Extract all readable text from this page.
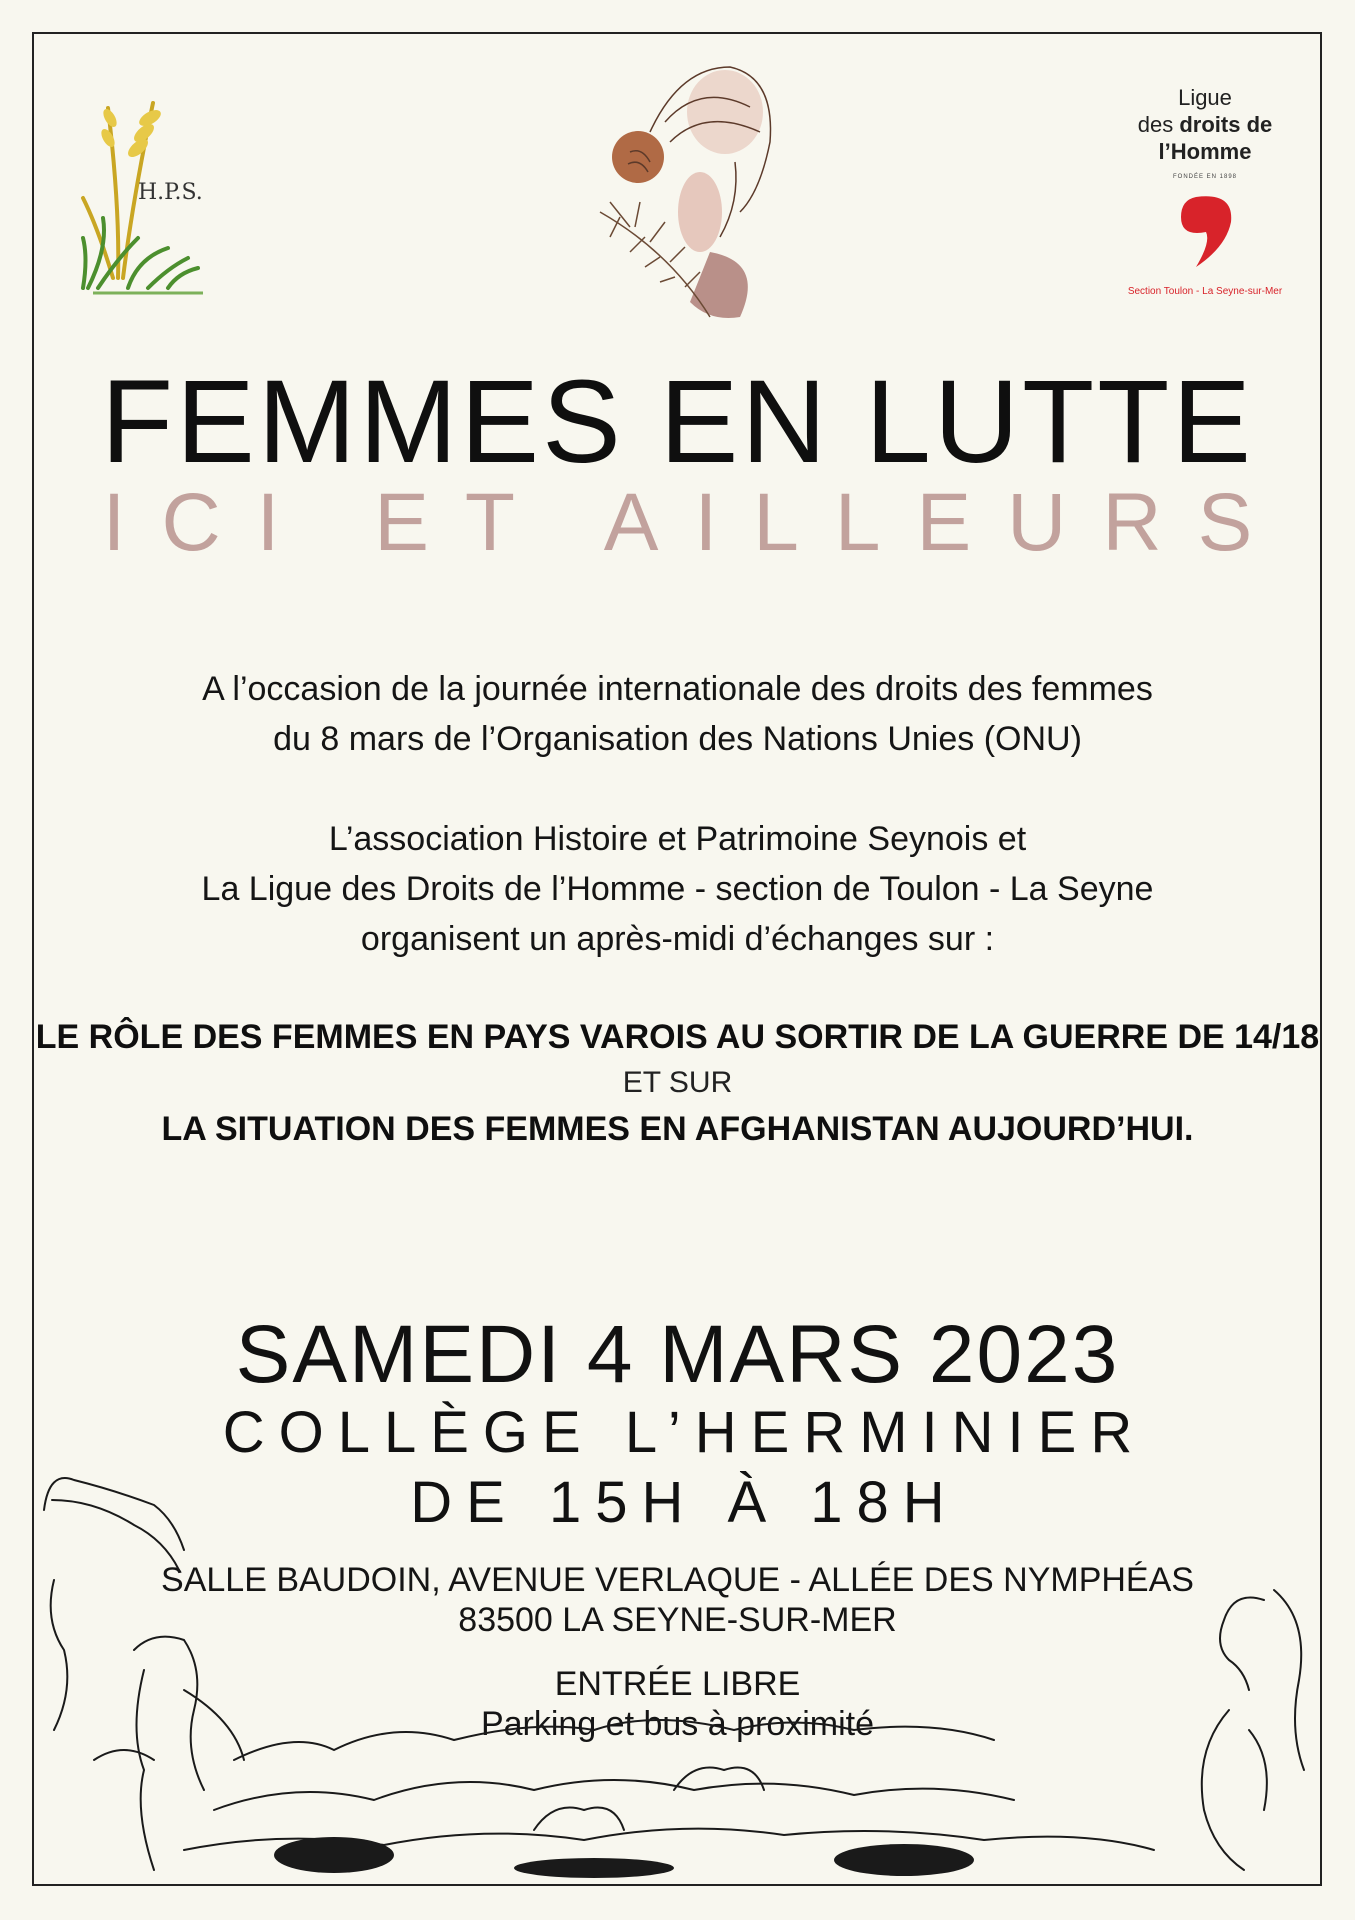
H.P.S.
Ligue
des droits de
l’Homme
FONDÉE EN 1898
Section Toulon - La Seyne-sur-Mer
FEMMES EN LUTTE
ICI ET AILLEURS
A l’occasion de la journée internationale des droits des femmes
du 8 mars de l’Organisation des Nations Unies (ONU)
L’association Histoire et Patrimoine Seynois et
La Ligue des Droits de l’Homme - section de Toulon - La Seyne
organisent un après-midi d’échanges sur :
LE RÔLE DES FEMMES EN PAYS VAROIS AU SORTIR DE LA GUERRE DE 14/18
ET SUR
LA SITUATION DES FEMMES EN AFGHANISTAN AUJOURD’HUI.
SAMEDI 4 MARS 2023
COLLÈGE L’HERMINIER
DE 15H À 18H
SALLE BAUDOIN, AVENUE VERLAQUE - ALLÉE DES NYMPHÉAS
83500 LA SEYNE-SUR-MER
ENTRÉE LIBRE
Parking et bus à proximité
